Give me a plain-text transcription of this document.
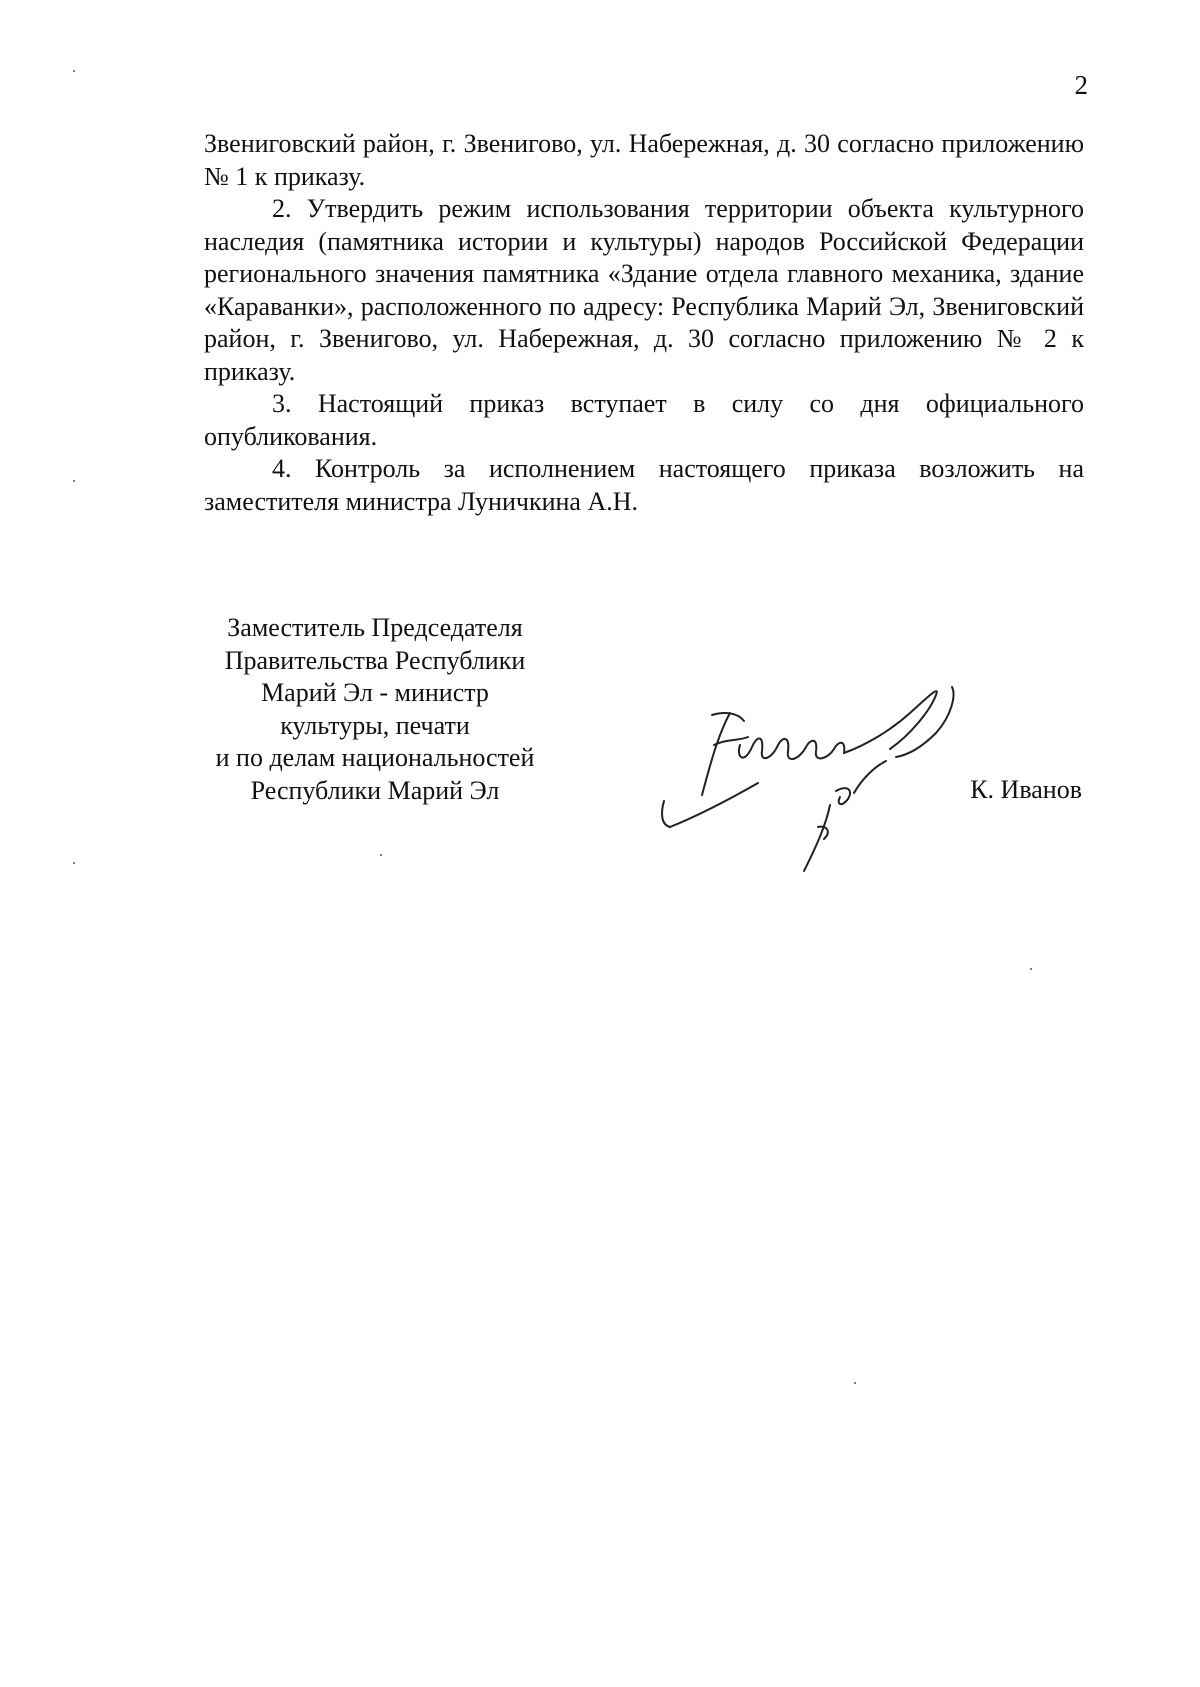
2

Звениговский район, г. Звенигово, ул. Набережная, д. 30 согласно приложению № 1 к приказу.

2. Утвердить режим использования территории объекта культурного наследия (памятника истории и культуры) народов Российской Федерации регионального значения памятника «Здание отдела главного механика, здание «Караванки», расположенного по адресу: Республика Марий Эл, Звениговский район, г. Звенигово, ул. Набережная, д. 30 согласно приложению № 2 к приказу.

3. Настоящий приказ вступает в силу со дня официального опубликования.

4. Контроль за исполнением настоящего приказа возложить на заместителя министра Луничкина А.Н.

Заместитель Председателя
Правительства Республики
Марий Эл - министр
культуры, печати
и по делам национальностей
Республики Марий Эл	К. Иванов
